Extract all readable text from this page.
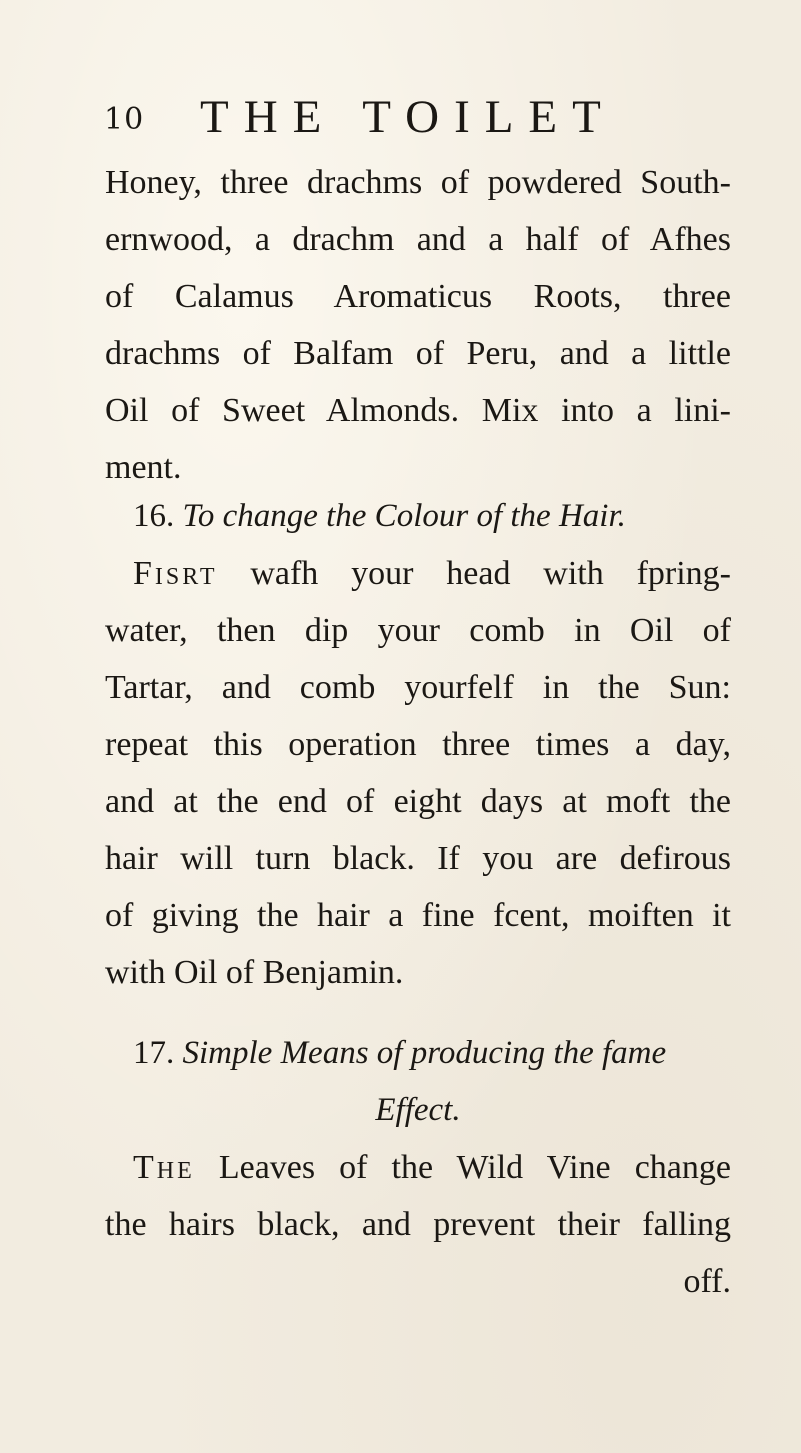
10 THE TOILET
Honey, three drachms of powdered South-
ernwood, a drachm and a half of Afhes
of Calamus Aromaticus Roots, three
drachms of Balfam of Peru, and a little
Oil of Sweet Almonds. Mix into a lini-
ment.
16. To change the Colour of the Hair.
Fisrt wafh your head with fpring-
water, then dip your comb in Oil of
Tartar, and comb yourfelf in the Sun:
repeat this operation three times a day,
and at the end of eight days at moft the
hair will turn black. If you are defirous
of giving the hair a fine fcent, moiften it
with Oil of Benjamin.
17. Simple Means of producing the fame
Effect.
The Leaves of the Wild Vine change
the hairs black, and prevent their falling
off.
